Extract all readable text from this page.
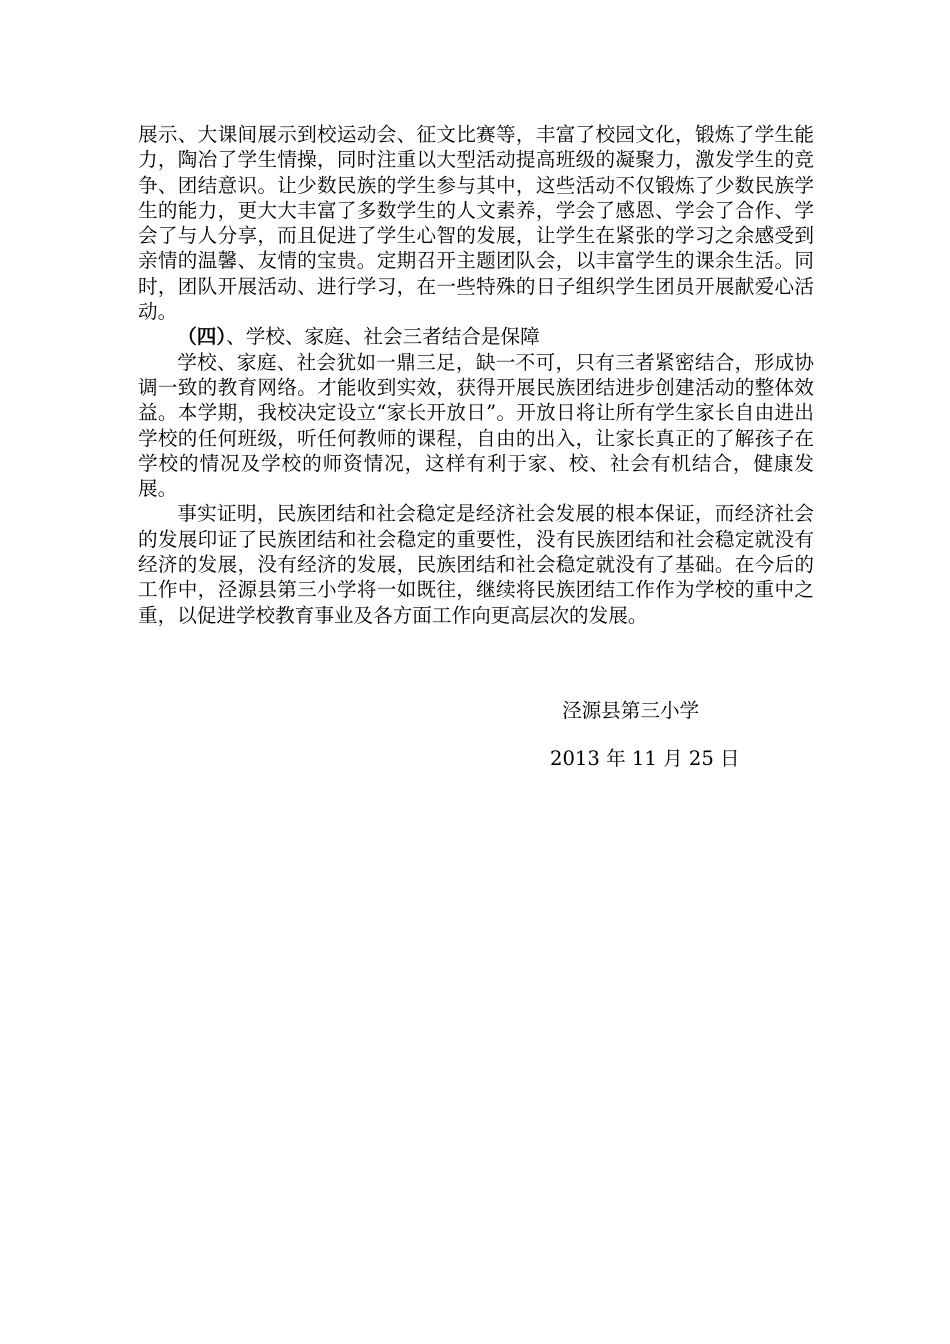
展示、大课间展示到校运动会、征文比赛等，丰富了校园文化，锻炼了学生能力，陶冶了学生情操，同时注重以大型活动提高班级的凝聚力，激发学生的竞争、团结意识。让少数民族的学生参与其中，这些活动不仅锻炼了少数民族学生的能力，更大大丰富了多数学生的人文素养，学会了感恩、学会了合作、学会了与人分享，而且促进了学生心智的发展，让学生在紧张的学习之余感受到亲情的温馨、友情的宝贵。定期召开主题团队会，以丰富学生的课余生活。同时，团队开展活动、进行学习，在一些特殊的日子组织学生团员开展献爱心活动。

（四）、学校、家庭、社会三者结合是保障

学校、家庭、社会犹如一鼎三足，缺一不可，只有三者紧密结合，形成协调一致的教育网络。才能收到实效，获得开展民族团结进步创建活动的整体效益。本学期，我校决定设立“家长开放日”。开放日将让所有学生家长自由进出学校的任何班级，听任何教师的课程，自由的出入，让家长真正的了解孩子在学校的情况及学校的师资情况，这样有利于家、校、社会有机结合，健康发展。

事实证明，民族团结和社会稳定是经济社会发展的根本保证，而经济社会的发展印证了民族团结和社会稳定的重要性，没有民族团结和社会稳定就没有经济的发展，没有经济的发展，民族团结和社会稳定就没有了基础。在今后的工作中，泾源县第三小学将一如既往，继续将民族团结工作作为学校的重中之重，以促进学校教育事业及各方面工作向更高层次的发展。

泾源县第三小学
2013 年 11 月 25 日
